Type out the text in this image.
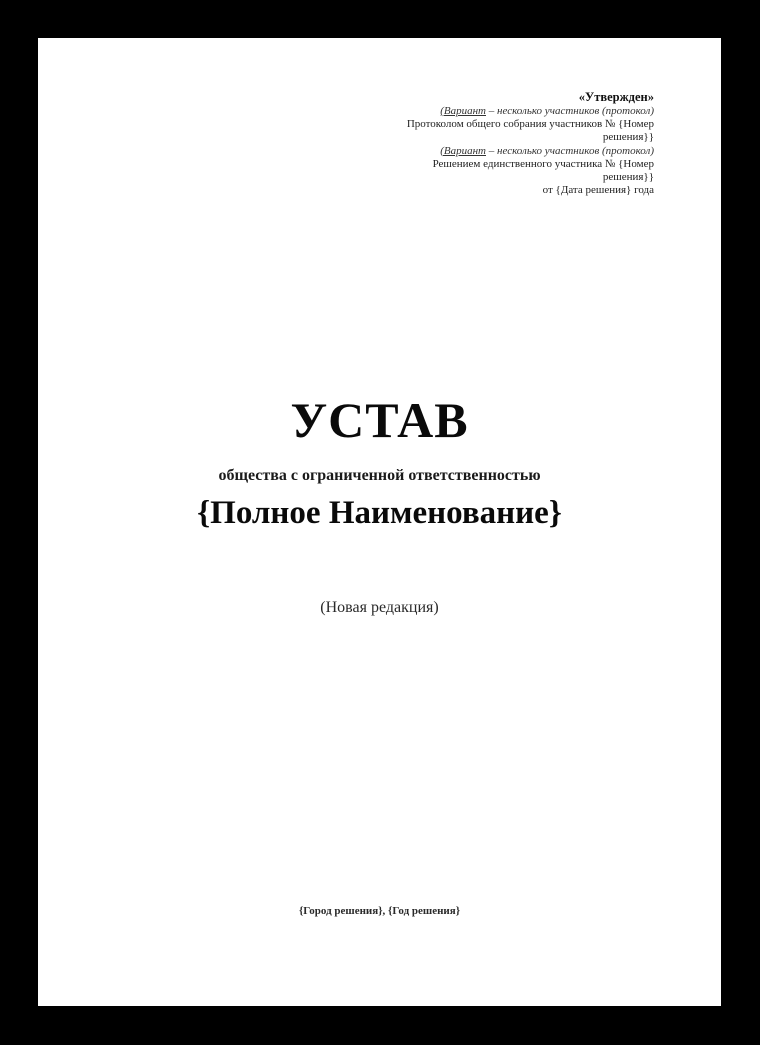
«Утвержден»
(Вариант – несколько участников (протокол)
Протоколом общего собрания участников № {Номер
решения}}
(Вариант – несколько участников (протокол)
Решением единственного участника № {Номер
решения}}
от {Дата решения} года
УСТАВ
общества с ограниченной ответственностью
{Полное Наименование}
(Новая редакция)
{Город решения}, {Год решения}
